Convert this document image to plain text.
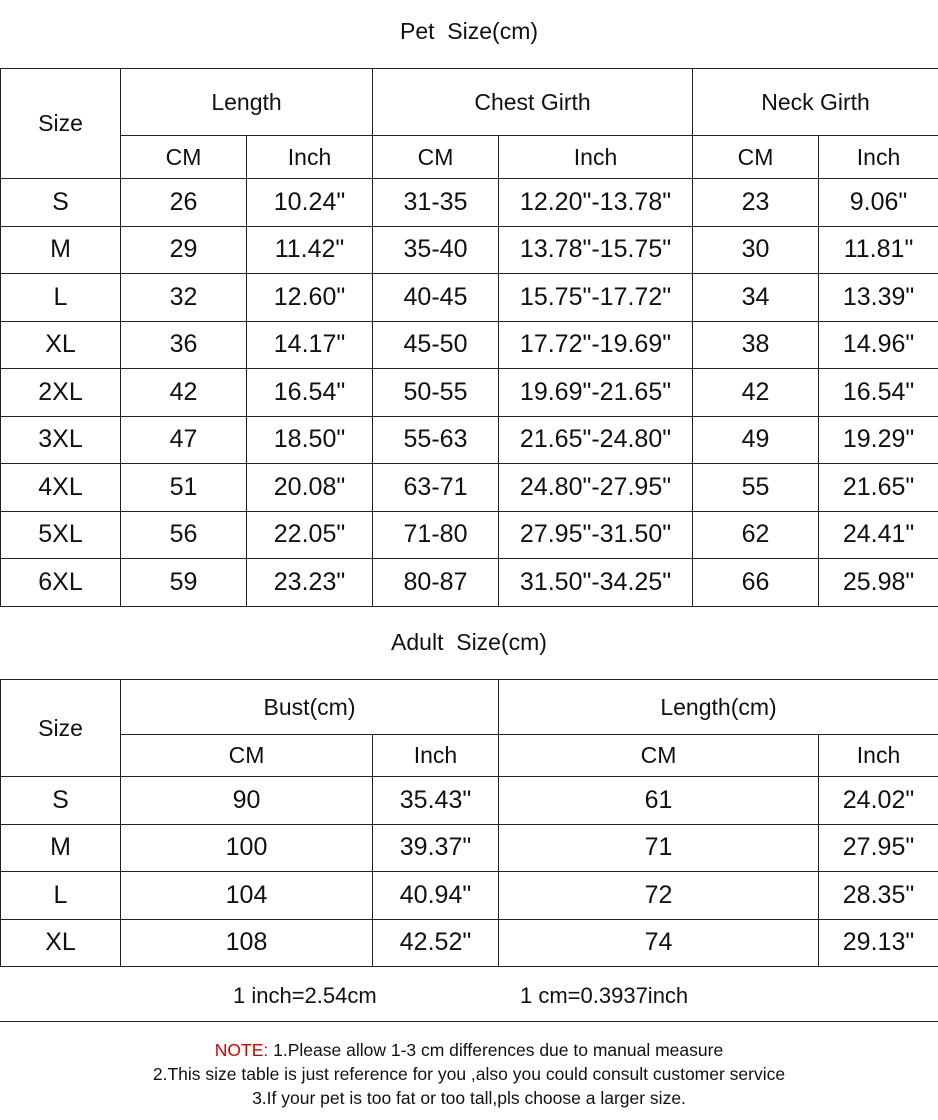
Pet  Size(cm)
Size	Length		Chest Girth		Neck Girth	
	CM	Inch	CM	Inch	CM	Inch
S	26	10.24"	31-35	12.20"-13.78"	23	9.06"
M	29	11.42"	35-40	13.78"-15.75"	30	11.81"
L	32	12.60"	40-45	15.75"-17.72"	34	13.39"
XL	36	14.17"	45-50	17.72"-19.69"	38	14.96"
2XL	42	16.54"	50-55	19.69"-21.65"	42	16.54"
3XL	47	18.50"	55-63	21.65"-24.80"	49	19.29"
4XL	51	20.08"	63-71	24.80"-27.95"	55	21.65"
5XL	56	22.05"	71-80	27.95"-31.50"	62	24.41"
6XL	59	23.23"	80-87	31.50"-34.25"	66	25.98"
Adult  Size(cm)
Size	Bust(cm)		Length(cm)	
	CM	Inch	CM	Inch
S	90	35.43"	61	24.02"
M	100	39.37"	71	27.95"
L	104	40.94"	72	28.35"
XL	108	42.52"	74	29.13"
1 inch=2.54cm	1 cm=0.3937inch
NOTE: 1.Please allow 1-3 cm differences due to manual measure
2.This size table is just reference for you ,also you could consult customer service
3.If your pet is too fat or too tall,pls choose a larger size.
